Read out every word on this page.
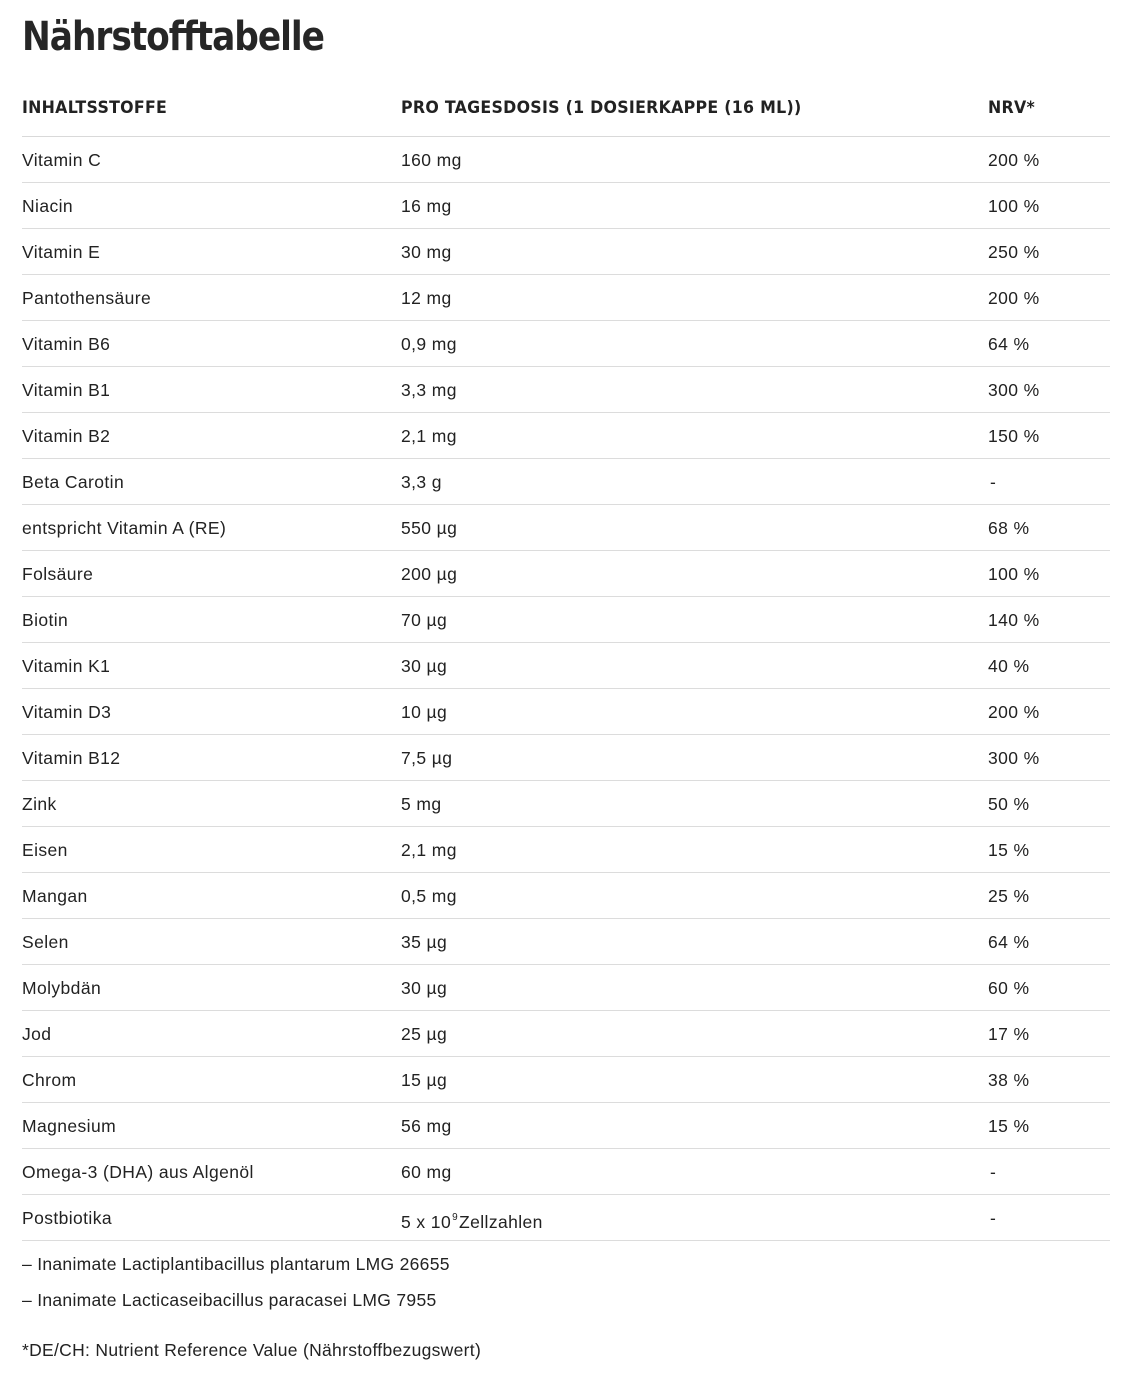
Nährstofftabelle
INHALTSSTOFFE	PRO TAGESDOSIS (1 DOSIERKAPPE (16 ML))	NRV*
Vitamin C	160 mg	200 %
Niacin	16 mg	100 %
Vitamin E	30 mg	250 %
Pantothensäure	12 mg	200 %
Vitamin B6	0,9 mg	64 %
Vitamin B1	3,3 mg	300 %
Vitamin B2	2,1 mg	150 %
Beta Carotin	3,3 g	-
entspricht Vitamin A (RE)	550 µg	68 %
Folsäure	200 µg	100 %
Biotin	70 µg	140 %
Vitamin K1	30 µg	40 %
Vitamin D3	10 µg	200 %
Vitamin B12	7,5 µg	300 %
Zink	5 mg	50 %
Eisen	2,1 mg	15 %
Mangan	0,5 mg	25 %
Selen	35 µg	64 %
Molybdän	30 µg	60 %
Jod	25 µg	17 %
Chrom	15 µg	38 %
Magnesium	56 mg	15 %
Omega-3 (DHA) aus Algenöl	60 mg	-
Postbiotika	5 x $10^9Zellzahlen$	-
– Inanimate Lactiplantibacillus plantarum LMG 26655
– Inanimate Lacticaseibacillus paracasei LMG 7955
*DE/CH: Nutrient Reference Value (Nährstoffbezugswert)
